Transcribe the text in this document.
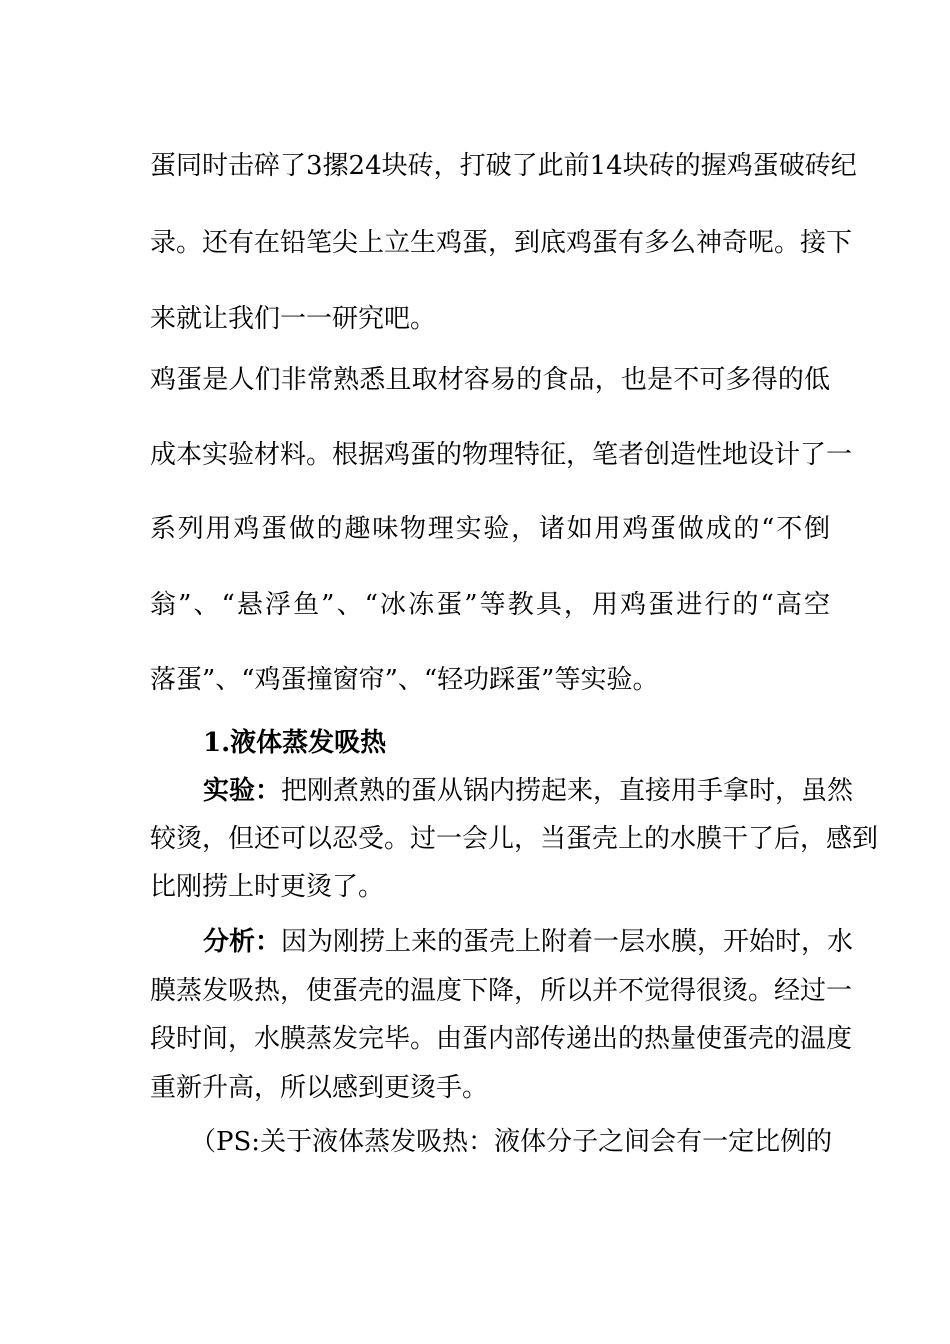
蛋同时击碎了3摞24块砖，打破了此前14块砖的握鸡蛋破砖纪
录。还有在铅笔尖上立生鸡蛋，到底鸡蛋有多么神奇呢。接下
来就让我们一一研究吧。
鸡蛋是人们非常熟悉且取材容易的食品，也是不可多得的低
成本实验材料。根据鸡蛋的物理特征，笔者创造性地设计了一
系列用鸡蛋做的趣味物理实验，诸如用鸡蛋做成的“不倒
翁”、“悬浮鱼”、“冰冻蛋”等教具，用鸡蛋进行的“高空
落蛋”、“鸡蛋撞窗帘”、“轻功踩蛋”等实验。
1.液体蒸发吸热
实验：把刚煮熟的蛋从锅内捞起来，直接用手拿时，虽然
较烫，但还可以忍受。过一会儿，当蛋壳上的水膜干了后，感到
比刚捞上时更烫了。
分析：因为刚捞上来的蛋壳上附着一层水膜，开始时，水
膜蒸发吸热，使蛋壳的温度下降，所以并不觉得很烫。经过一
段时间，水膜蒸发完毕。由蛋内部传递出的热量使蛋壳的温度
重新升高，所以感到更烫手。
（PS:关于液体蒸发吸热：液体分子之间会有一定比例的
